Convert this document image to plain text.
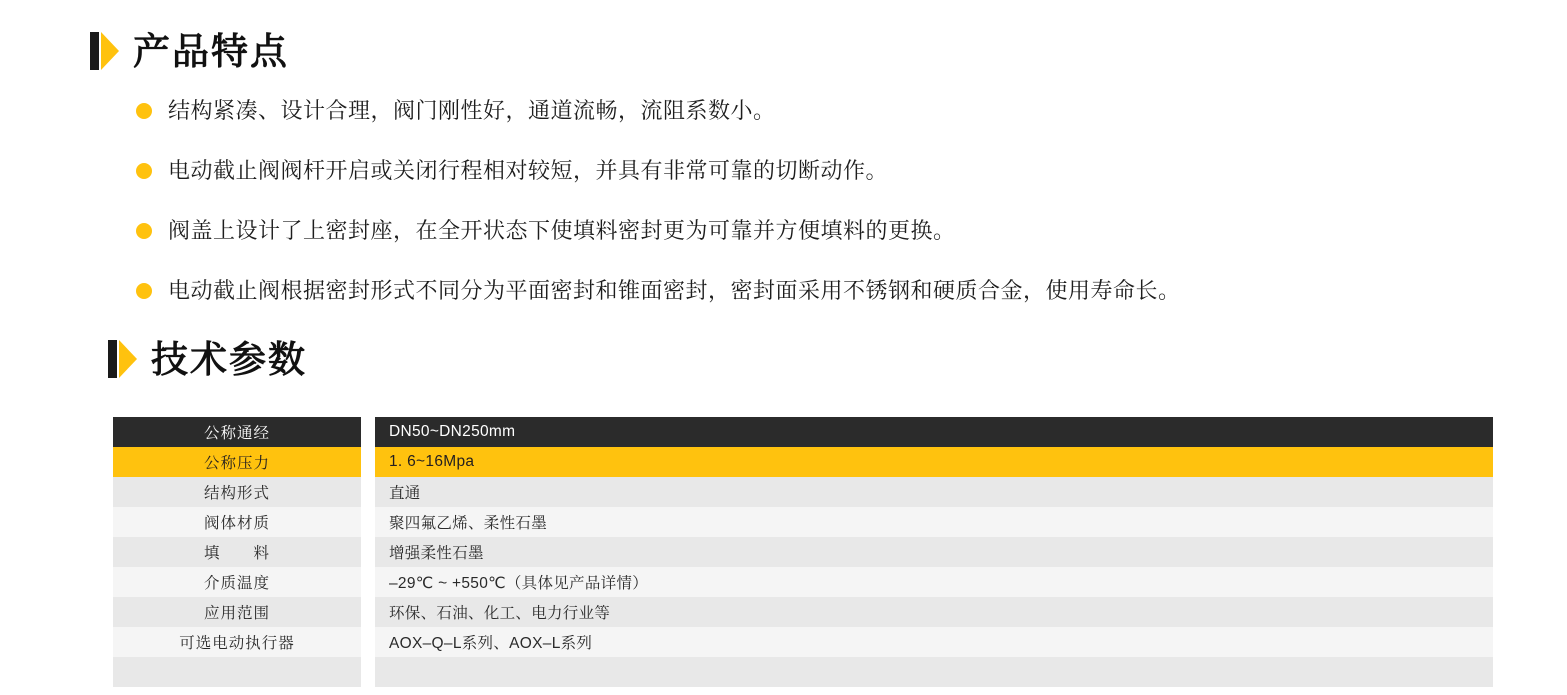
产品特点
结构紧凑、设计合理，阀门刚性好，通道流畅，流阻系数小。
电动截止阀阀杆开启或关闭行程相对较短，并具有非常可靠的切断动作。
阀盖上设计了上密封座，在全开状态下使填料密封更为可靠并方便填料的更换。
电动截止阀根据密封形式不同分为平面密封和锥面密封，密封面采用不锈钢和硬质合金，使用寿命长。
技术参数
公称通经		DN50~DN250mm
公称压力		1. 6~16Mpa
结构形式		直通
阀体材质		聚四氟乙烯、柔性石墨
填　　料		增强柔性石墨
介质温度		–29℃ ~ +550℃（具体见产品详情）
应用范围		环保、石油、化工、电力行业等
可选电动执行器		AOX–Q–L系列、AOX–L系列
